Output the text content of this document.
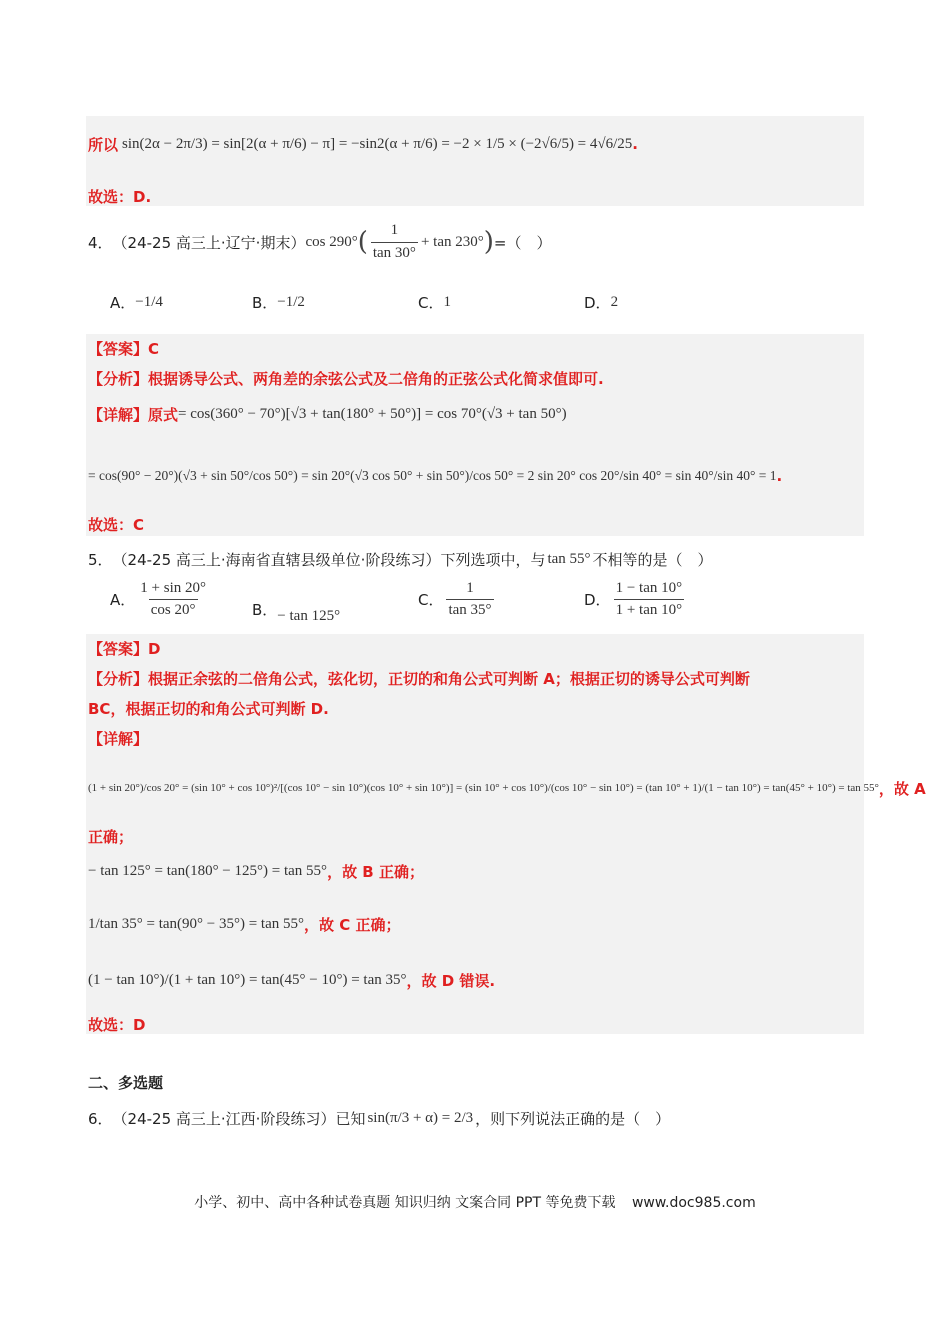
所以 sin(2α − 2π/3) = sin[2(α + π/6) − π] = −sin2(α + π/6) = −2 × 1/5 × (−2√6/5) = 4√6/25 .
故选：D.
4． （24-25 高三上·辽宁·期末） cos 290° ( $\frac{1}{\tan 30^\circ} + \tan 230^\circ$ ) =（　）
A． −1/4	B． −1/2	C． 1	D． 2
【答案】C
【分析】根据诱导公式、两角差的余弦公式及二倍角的正弦公式化简求值即可.
【详解】原式 = cos(360° − 70°)[√3 + tan(180° + 50°)] = cos 70°(√3 + tan 50°)
= cos(90° − 20°)(√3 + sin 50°/cos 50°) = sin 20°(√3 cos 50° + sin 50°)/cos 50° = 2 sin 20° cos 20°/sin 40° = sin 40°/sin 40° = 1 .
故选：C
5． （24-25 高三上·海南省直辖县级单位·阶段练习）下列选项中，与 tan 55° 不相等的是（　）
A． $\frac{1 + \sin 20^\circ}{\cos 20^\circ}$	B． − tan 125°
C． $\frac{1}{\tan 35^\circ}$	D． $\frac{1 - \tan 10^\circ}{1 + \tan 10^\circ}$
【答案】D
【分析】根据正余弦的二倍角公式，弦化切，正切的和角公式可判断 A；根据正切的诱导公式可判断
BC，根据正切的和角公式可判断 D.
【详解】
(1 + sin 20°)/cos 20° = (sin 10° + cos 10°)²/[(cos 10° − sin 10°)(cos 10° + sin 10°)] = (sin 10° + cos 10°)/(cos 10° − sin 10°) = (tan 10° + 1)/(1 − tan 10°) = tan(45° + 10°) = tan 55° ，故 A
正确；
− tan 125° = tan(180° − 125°) = tan 55° ，故 B 正确；
1/tan 35° = tan(90° − 35°) = tan 55° ，故 C 正确；
(1 − tan 10°)/(1 + tan 10°) = tan(45° − 10°) = tan 35° ，故 D 错误.
故选：D
二、多选题
6． （24-25 高三上·江西·阶段练习）已知 sin(π/3 + α) = 2/3 ，则下列说法正确的是（　）
小学、初中、高中各种试卷真题 知识归纳 文案合同 PPT 等免费下载 www.doc985.com
